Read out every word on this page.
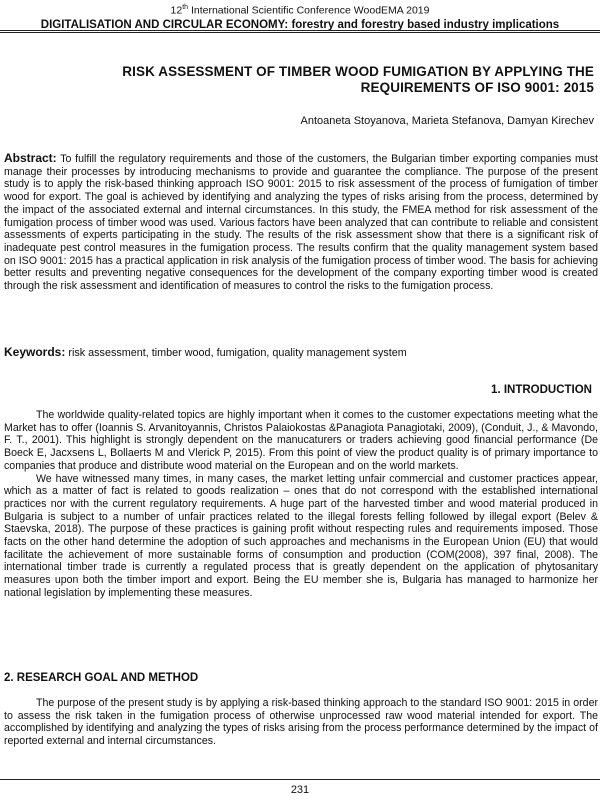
12th International Scientific Conference WoodEMA 2019
DIGITALISATION AND CIRCULAR ECONOMY: forestry and forestry based industry implications
RISK ASSESSMENT OF TIMBER WOOD FUMIGATION BY APPLYING THE REQUIREMENTS OF ISO 9001: 2015
Antoaneta Stoyanova, Marieta Stefanova, Damyan Kirechev
Abstract: To fulfill the regulatory requirements and those of the customers, the Bulgarian timber exporting companies must manage their processes by introducing mechanisms to provide and guarantee the compliance. The purpose of the present study is to apply the risk-based thinking approach ISO 9001: 2015 to risk assessment of the process of fumigation of timber wood for export. The goal is achieved by identifying and analyzing the types of risks arising from the process, determined by the impact of the associated external and internal circumstances. In this study, the FMEA method for risk assessment of the fumigation process of timber wood was used. Various factors have been analyzed that can contribute to reliable and consistent assessments of experts participating in the study. The results of the risk assessment show that there is a significant risk of inadequate pest control measures in the fumigation process. The results confirm that the quality management system based on ISO 9001: 2015 has a practical application in risk analysis of the fumigation process of timber wood. The basis for achieving better results and preventing negative consequences for the development of the company exporting timber wood is created through the risk assessment and identification of measures to control the risks to the fumigation process.
Keywords: risk assessment, timber wood, fumigation, quality management system
1. INTRODUCTION

The worldwide quality-related topics are highly important when it comes to the customer expectations meeting what the Market has to offer (Ioannis S. Arvanitoyannis, Christos Palaiokostas &Panagiota Panagiotaki, 2009), (Conduit, J., & Mavondo, F. T., 2001). This highlight is strongly dependent on the manucaturers or traders achieving good financial performance (De Boeck E, Jacxsens L, Bollaerts M and Vlerick P, 2015). From this point of view the product quality is of primary importance to companies that produce and distribute wood material on the European and on the world markets.

We have witnessed many times, in many cases, the market letting unfair commercial and customer practices appear, which as a matter of fact is related to goods realization – ones that do not correspond with the established international practices nor with the current regulatory requirements. A huge part of the harvested timber and wood material produced in Bulgaria is subject to a number of unfair practices related to the illegal forests felling followed by illegal export (Belev & Staevska, 2018). The purpose of these practices is gaining profit without respecting rules and requirements imposed. Those facts on the other hand determine the adoption of such approaches and mechanisms in the European Union (EU) that would facilitate the achievement of more sustainable forms of consumption and production (COM(2008), 397 final, 2008). The international timber trade is currently a regulated process that is greatly dependent on the application of phytosanitary measures upon both the timber import and export. Being the EU member she is, Bulgaria has managed to harmonize her national legislation by implementing these measures.

2. RESEARCH GOAL AND METHOD

The purpose of the present study is by applying a risk-based thinking approach to the standard ISO 9001: 2015 in order to assess the risk taken in the fumigation process of otherwise unprocessed raw wood material intended for export. The accomplished by identifying and analyzing the types of risks arising from the process performance determined by the impact of reported external and internal circumstances.

231
